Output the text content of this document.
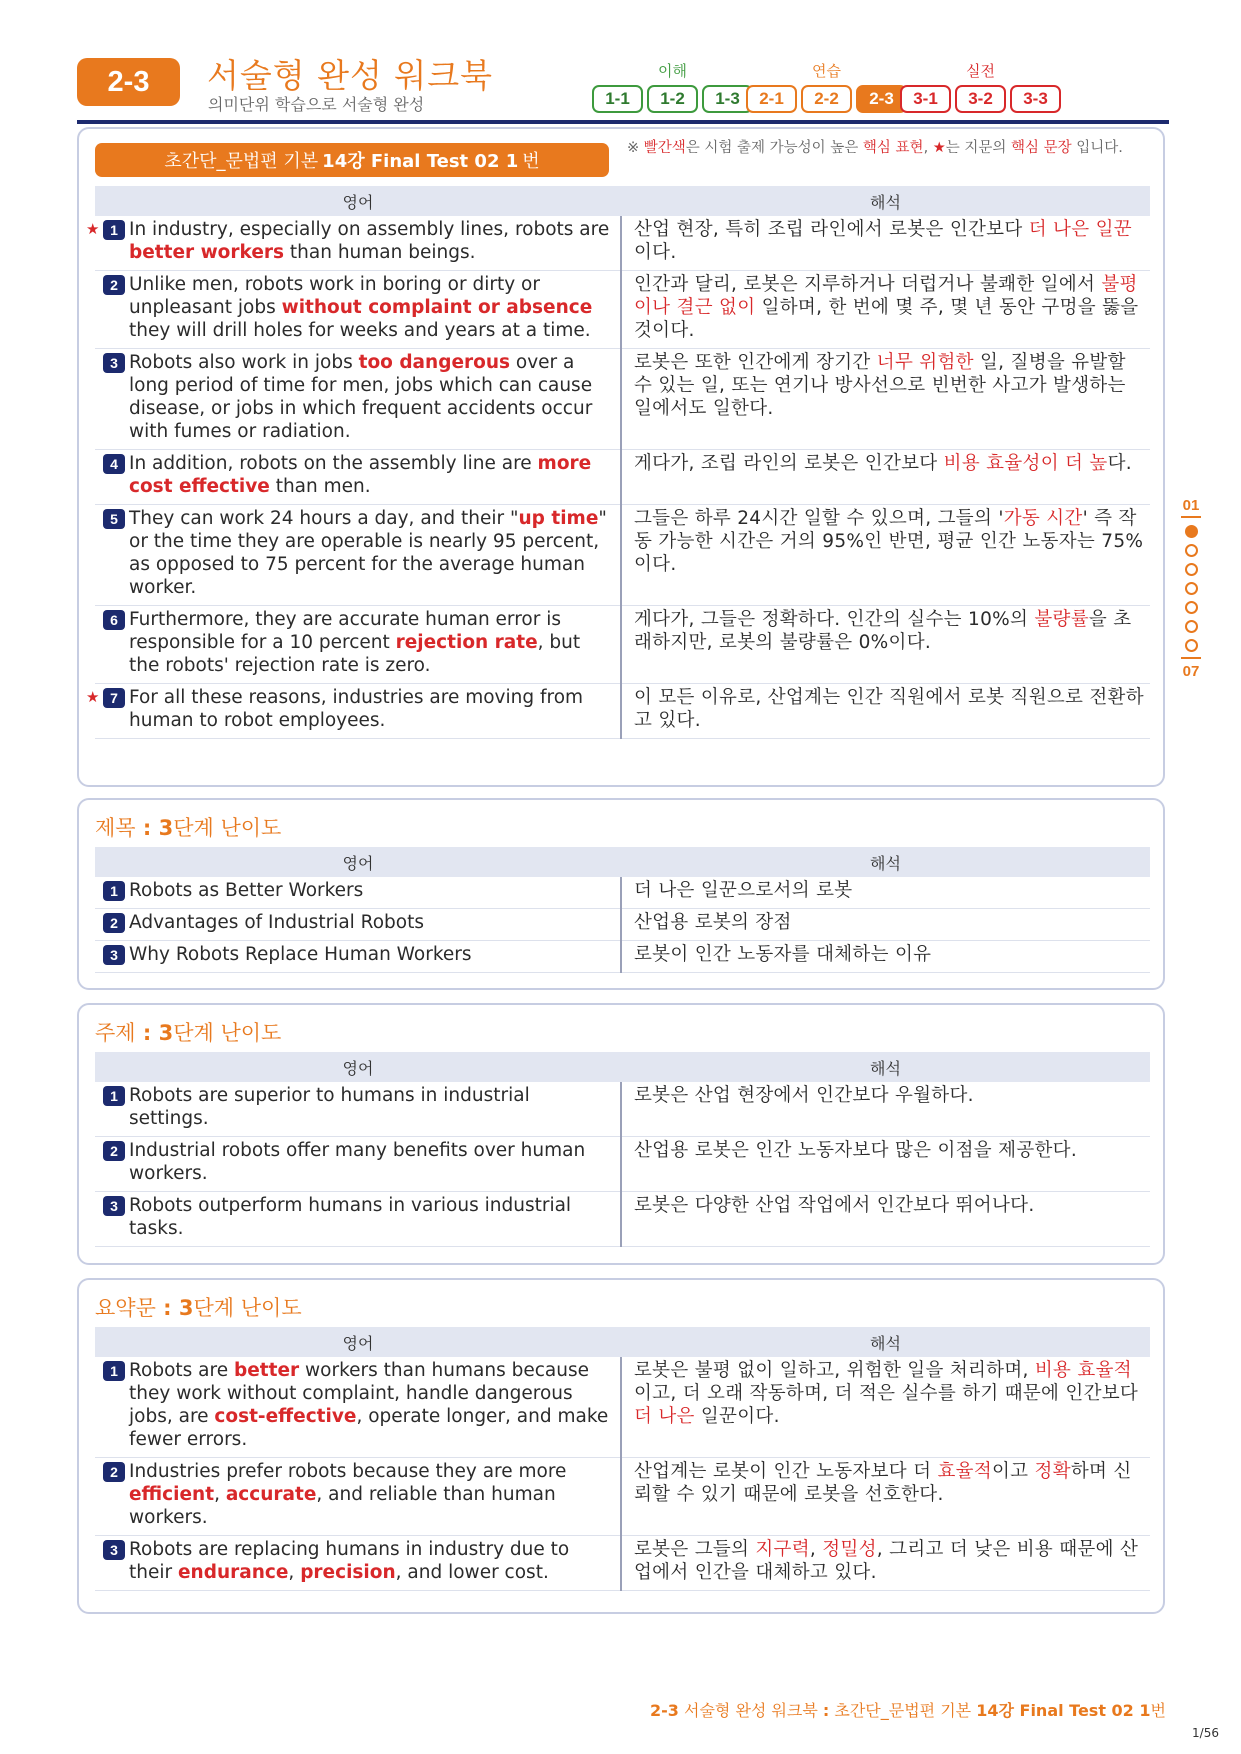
2-3	서술형 완성 워크북
의미단위 학습으로 서술형 완성
이해
1-1	1-2	1-3
연습
2-1	2-2	2-3
실전
3-1	3-2	3-3
초간단_문법편 기본 14강 Final Test 02 1 번
※ 빨간색은 시험 출제 가능성이 높은 핵심 표현, ★는 지문의 핵심 문장 입니다.
영어	해석

1
★ In industry, especially on assembly lines, robots are better workers than human beings.	산업 현장, 특히 조립 라인에서 로봇은 인간보다 더 나은 일꾼이다.

2 Unlike men, robots work in boring or dirty or unpleasant jobs without complaint or absence they will drill holes for weeks and years at a time.	인간과 달리, 로봇은 지루하거나 더럽거나 불쾌한 일에서 불평이나 결근 없이 일하며, 한 번에 몇 주, 몇 년 동안 구멍을 뚫을 것이다.

3 Robots also work in jobs too dangerous over a long period of time for men, jobs which can cause disease, or jobs in which frequent accidents occur with fumes or radiation.	로봇은 또한 인간에게 장기간 너무 위험한 일, 질병을 유발할 수 있는 일, 또는 연기나 방사선으로 빈번한 사고가 발생하는 일에서도 일한다.

4 In addition, robots on the assembly line are more cost effective than men.	게다가, 조립 라인의 로봇은 인간보다 비용 효율성이 더 높다.

5 They can work 24 hours a day, and their "up time" or the time they are operable is nearly 95 percent, as opposed to 75 percent for the average human worker.	그들은 하루 24시간 일할 수 있으며, 그들의 '가동 시간' 즉 작동 가능한 시간은 거의 95%인 반면, 평균 인간 노동자는 75%이다.

6 Furthermore, they are accurate human error is responsible for a 10 percent rejection rate, but the robots' rejection rate is zero.	게다가, 그들은 정확하다. 인간의 실수는 10%의 불량률을 초래하지만, 로봇의 불량률은 0%이다.

7
★ For all these reasons, industries are moving from human to robot employees.	이 모든 이유로, 산업계는 인간 직원에서 로봇 직원으로 전환하고 있다.
제목 : 3단계 난이도
영어	해석

1 Robots as Better Workers	더 나은 일꾼으로서의 로봇

2 Advantages of Industrial Robots	산업용 로봇의 장점

3 Why Robots Replace Human Workers	로봇이 인간 노동자를 대체하는 이유
주제 : 3단계 난이도
영어	해석

1 Robots are superior to humans in industrial settings.	로봇은 산업 현장에서 인간보다 우월하다.

2 Industrial robots offer many benefits over human workers.	산업용 로봇은 인간 노동자보다 많은 이점을 제공한다.

3 Robots outperform humans in various industrial tasks.	로봇은 다양한 산업 작업에서 인간보다 뛰어나다.
요약문 : 3단계 난이도
영어	해석

1 Robots are better workers than humans because they work without complaint, handle dangerous jobs, are cost-effective, operate longer, and make fewer errors.	로봇은 불평 없이 일하고, 위험한 일을 처리하며, 비용 효율적이고, 더 오래 작동하며, 더 적은 실수를 하기 때문에 인간보다 더 나은 일꾼이다.

2 Industries prefer robots because they are more efficient, accurate, and reliable than human workers.	산업계는 로봇이 인간 노동자보다 더 효율적이고 정확하며 신뢰할 수 있기 때문에 로봇을 선호한다.

3 Robots are replacing humans in industry due to their endurance, precision, and lower cost.	로봇은 그들의 지구력, 정밀성, 그리고 더 낮은 비용 때문에 산업에서 인간을 대체하고 있다.
01
07
2-3 서술형 완성 워크북 : 초간단_문법편 기본 14강 Final Test 02 1번
1/56
